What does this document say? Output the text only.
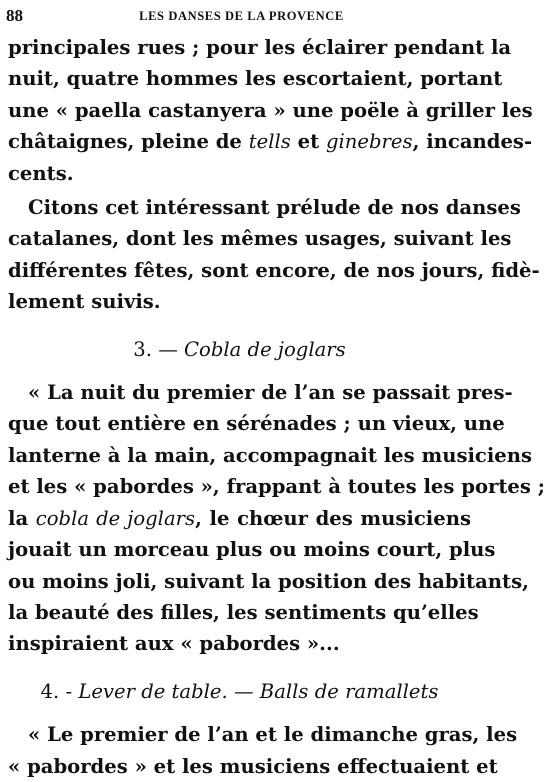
88	LES DANSES DE LA PROVENCE

principales rues ; pour les éclairer pendant la
nuit, quatre hommes les escortaient, portant
une « paella castanyera » une poële à griller les
châtaignes, pleine de tells et ginebres, incandes-
cents.

Citons cet intéressant prélude de nos danses
catalanes, dont les mêmes usages, suivant les
différentes fêtes, sont encore, de nos jours, fidè-
lement suivis.

3. — Cobla de joglars

« La nuit du premier de l’an se passait pres-
que tout entière en sérénades ; un vieux, une
lanterne à la main, accompagnait les musiciens
et les « pabordes », frappant à toutes les portes ;
la cobla de joglars, le chœur des musiciens
jouait un morceau plus ou moins court, plus
ou moins joli, suivant la position des habitants,
la beauté des filles, les sentiments qu’elles
inspiraient aux « pabordes »...

4. - Lever de table. — Balls de ramallets

« Le premier de l’an et le dimanche gras, les
« pabordes » et les musiciens effectuaient et
